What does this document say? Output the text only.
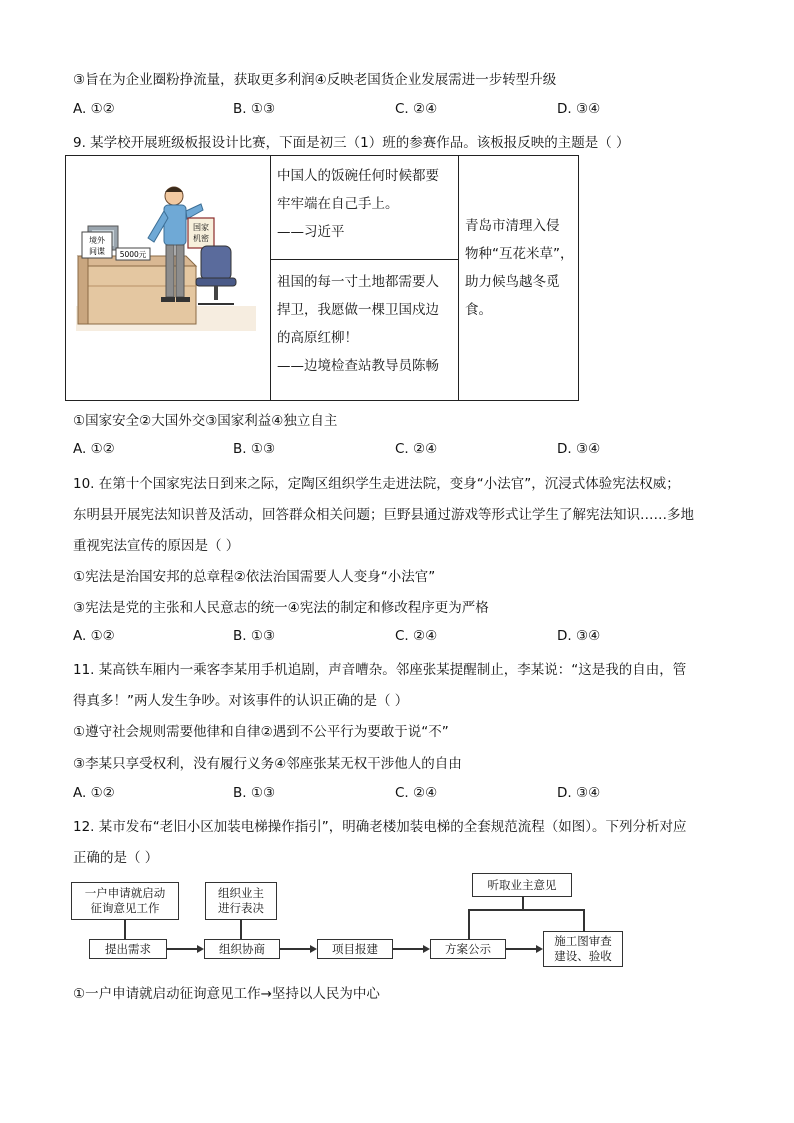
③旨在为企业圈粉挣流量，获取更多利润④反映老国货企业发展需进一步转型升级
A. ①②	B. ①③	C. ②④	D. ③④
9. 某学校开展班级板报设计比赛，下面是初三（1）班的参赛作品。该板报反映的主题是（ ）
境外
间谍 5000元
国家
机密
中国人的饭碗任何时候都要
牢牢端在自己手上。
——习近平
祖国的每一寸土地都需要人
捍卫，我愿做一棵卫国戍边
的高原红柳！
——边境检查站教导员陈畅
青岛市清理入侵
物种“互花米草”，
助力候鸟越冬觅
食。
①国家安全②大国外交③国家利益④独立自主
A. ①②	B. ①③	C. ②④	D. ③④
10. 在第十个国家宪法日到来之际，定陶区组织学生走进法院，变身“小法官”，沉浸式体验宪法权威；
东明县开展宪法知识普及活动，回答群众相关问题；巨野县通过游戏等形式让学生了解宪法知识……多地
重视宪法宣传的原因是（ ）
①宪法是治国安邦的总章程②依法治国需要人人变身“小法官”
③宪法是党的主张和人民意志的统一④宪法的制定和修改程序更为严格
A. ①②	B. ①③	C. ②④	D. ③④
11. 某高铁车厢内一乘客李某用手机追剧，声音嘈杂。邻座张某提醒制止，李某说：“这是我的自由，管
得真多！”两人发生争吵。对该事件的认识正确的是（ ）
①遵守社会规则需要他律和自律②遇到不公平行为要敢于说“不”
③李某只享受权利，没有履行义务④邻座张某无权干涉他人的自由
A. ①②	B. ①③	C. ②④	D. ③④
12. 某市发布“老旧小区加装电梯操作指引”，明确老楼加装电梯的全套规范流程（如图）。下列分析对应
正确的是（ ）
一户申请就启动
征询意见工作
组织业主
进行表决
听取业主意见
提出需求	组织协商	项目报建	方案公示
施工图审查
建设、验收
①一户申请就启动征询意见工作→坚持以人民为中心
